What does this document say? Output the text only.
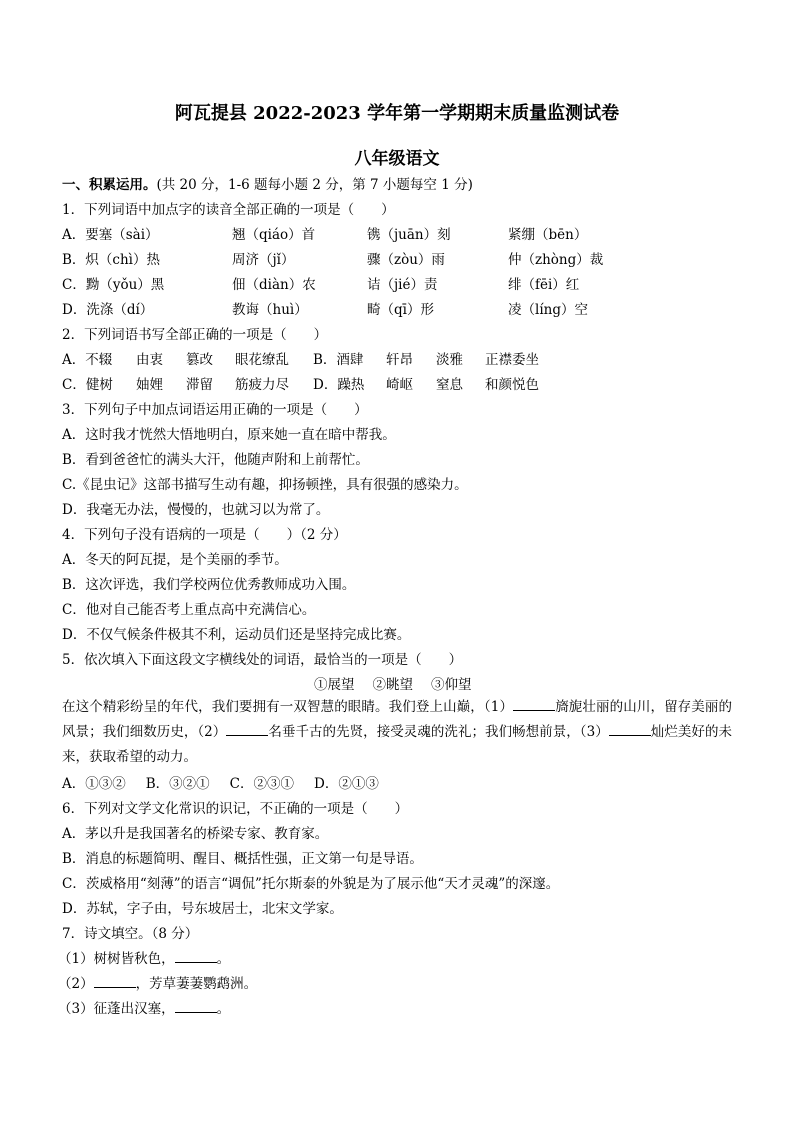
阿瓦提县 2022-2023 学年第一学期期末质量监测试卷
八年级语文
一、积累运用。(共 20 分，1-6 题每小题 2 分，第 7 小题每空 1 分)
1．下列词语中加点字的读音全部正确的一项是（　　）
A．要塞（sài）	翘（qiáo）首	镌（juān）刻	紧绷（bēn）
B．炽（chì）热	周济（jǐ）	骤（zòu）雨	仲（zhòng）裁
C．黝（yǒu）黑	佃（diàn）农	诘（jié）责	绯（fēi）红
D．洗涤（dí）	教诲（huì）	畸（qī）形	凌（líng）空
2．下列词语书写全部正确的一项是（　　）
A．不辍 由衷 篡改 眼花缭乱 B．酒肆 轩昂 淡雅 正襟委坐
C．健树 妯娌 滞留 筋疲力尽 D．躁热 崎岖 窒息 和颜悦色
3．下列句子中加点词语运用正确的一项是（　　）
A．这时我才恍然大悟地明白，原来她一直在暗中帮我。
B．看到爸爸忙的满头大汗，他随声附和上前帮忙。
C.《昆虫记》这部书描写生动有趣，抑扬顿挫，具有很强的感染力。
D．我毫无办法，慢慢的，也就习以为常了。
4．下列句子没有语病的一项是（　　）（2 分）
A．冬天的阿瓦提，是个美丽的季节。
B．这次评选，我们学校两位优秀教师成功入围。
C．他对自己能否考上重点高中充满信心。
D．不仅气候条件极其不利，运动员们还是坚持完成比赛。
5．依次填入下面这段文字横线处的词语，最恰当的一项是（　　）
①展望 ②眺望 ③仰望
在这个精彩纷呈的年代，我们要拥有一双智慧的眼睛。我们登上山巅，（1）	旖旎壮丽的山川，留存美丽的风景；我们细数历史，（2）	名垂千古的先贤，接受灵魂的洗礼；我们畅想前景，（3）	灿烂美好的未来，获取希望的动力。
A．①③② B．③②① C．②③① D．②①③
6．下列对文学文化常识的识记，不正确的一项是（　　）
A．茅以升是我国著名的桥梁专家、教育家。
B．消息的标题简明、醒目、概括性强，正文第一句是导语。
C．茨威格用“刻薄”的语言“调侃”托尔斯泰的外貌是为了展示他“天才灵魂”的深邃。
D．苏轼，字子由，号东坡居士，北宋文学家。
7．诗文填空。（8 分）
（1）树树皆秋色，	。
（2）	，芳草萋萋鹦鹉洲。
（3）征蓬出汉塞，	。
